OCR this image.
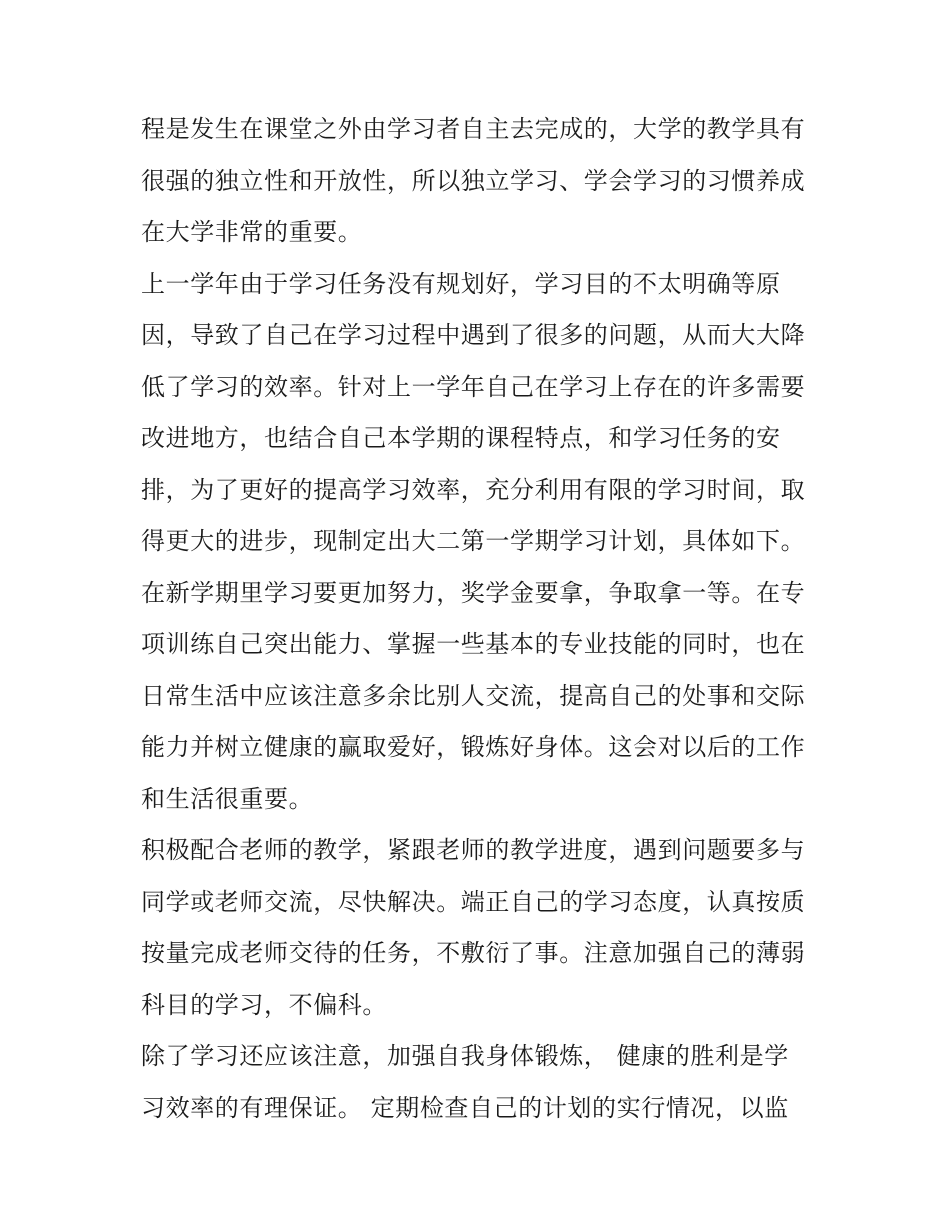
程是发生在课堂之外由学习者自主去完成的，大学的教学具有
很强的独立性和开放性，所以独立学习、学会学习的习惯养成
在大学非常的重要。
上一学年由于学习任务没有规划好，学习目的不太明确等原
因，导致了自己在学习过程中遇到了很多的问题，从而大大降
低了学习的效率。针对上一学年自己在学习上存在的许多需要
改进地方，也结合自己本学期的课程特点，和学习任务的安
排，为了更好的提高学习效率，充分利用有限的学习时间，取
得更大的进步，现制定出大二第一学期学习计划，具体如下。
在新学期里学习要更加努力，奖学金要拿，争取拿一等。在专
项训练自己突出能力、掌握一些基本的专业技能的同时，也在
日常生活中应该注意多余比别人交流，提高自己的处事和交际
能力并树立健康的赢取爱好，锻炼好身体。这会对以后的工作
和生活很重要。
积极配合老师的教学，紧跟老师的教学进度，遇到问题要多与
同学或老师交流，尽快解决。端正自己的学习态度，认真按质
按量完成老师交待的任务，不敷衍了事。注意加强自己的薄弱
科目的学习，不偏科。
除了学习还应该注意，加强自我身体锻炼， 健康的胜利是学
习效率的有理保证。 定期检查自己的计划的实行情况，以监
